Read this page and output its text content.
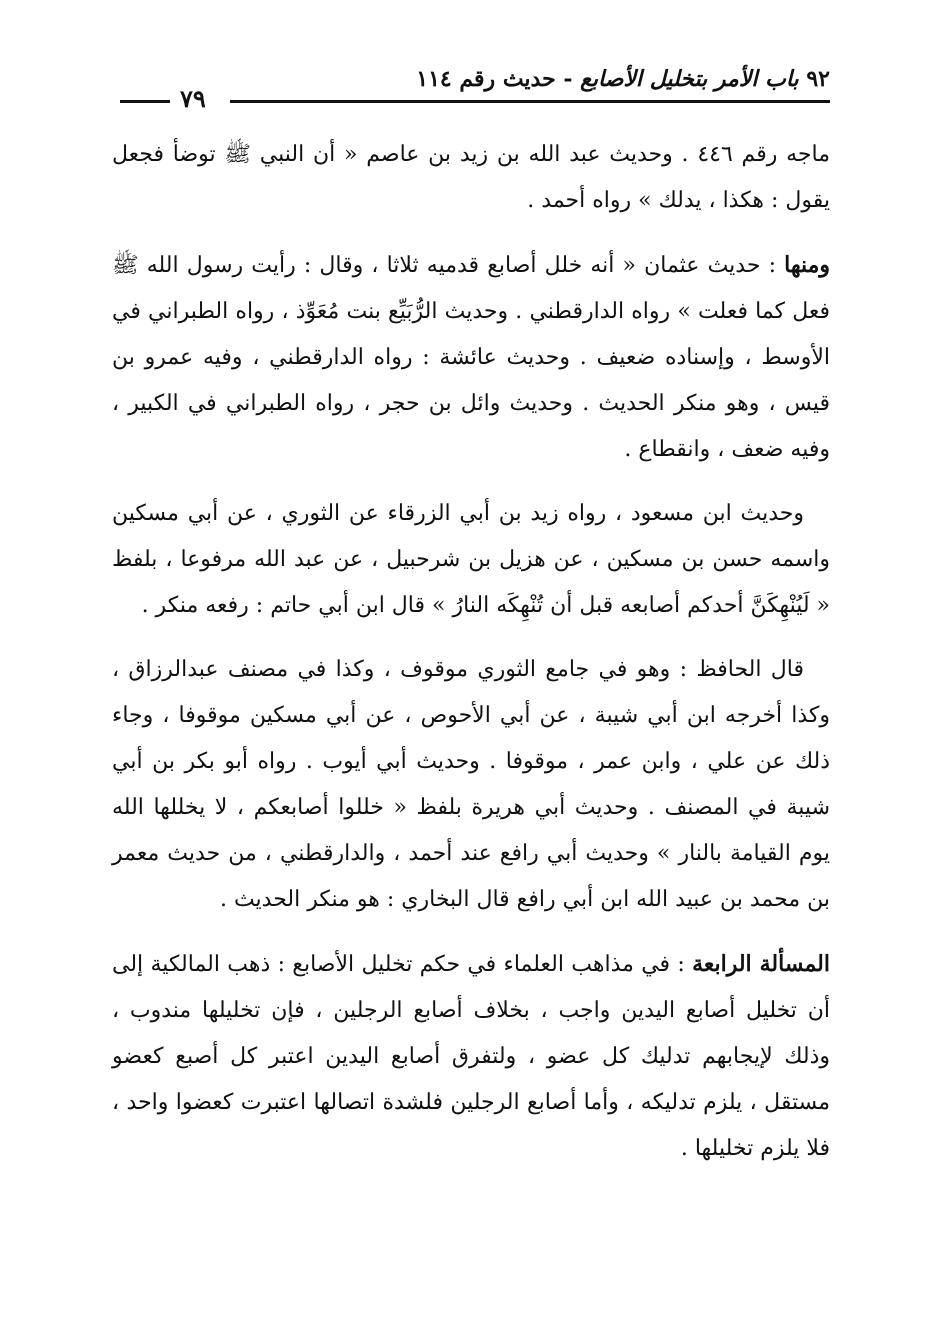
٩٢ باب الأمر بتخليل الأصابع - حديث رقم ١١٤
٧٩

ماجه رقم ٤٤٦ . وحديث عبد الله بن زيد بن عاصم « أن النبي ﷺ توضأ فجعل يقول : هكذا ، يدلك » رواه أحمد .

ومنها : حديث عثمان « أنه خلل أصابع قدميه ثلاثا ، وقال : رأيت رسول الله ﷺ فعل كما فعلت » رواه الدارقطني . وحديث الرُّبَيِّع بنت مُعَوِّذ ، رواه الطبراني في الأوسط ، وإسناده ضعيف . وحديث عائشة : رواه الدارقطني ، وفيه عمرو بن قيس ، وهو منكر الحديث . وحديث وائل بن حجر ، رواه الطبراني في الكبير ، وفيه ضعف ، وانقطاع .

وحديث ابن مسعود ، رواه زيد بن أبي الزرقاء عن الثوري ، عن أبي مسكين واسمه حسن بن مسكين ، عن هزيل بن شرحبيل ، عن عبد الله مرفوعا ، بلفظ « لَيُنْهِكَنَّ أحدكم أصابعه قبل أن تُنْهِكَه النارُ » قال ابن أبي حاتم : رفعه منكر .

قال الحافظ : وهو في جامع الثوري موقوف ، وكذا في مصنف عبدالرزاق ، وكذا أخرجه ابن أبي شيبة ، عن أبي الأحوص ، عن أبي مسكين موقوفا ، وجاء ذلك عن علي ، وابن عمر ، موقوفا . وحديث أبي أيوب . رواه أبو بكر بن أبي شيبة في المصنف . وحديث أبي هريرة بلفظ « خللوا أصابعكم ، لا يخللها الله يوم القيامة بالنار » وحديث أبي رافع عند أحمد ، والدارقطني ، من حديث معمر بن محمد بن عبيد الله ابن أبي رافع قال البخاري : هو منكر الحديث .

المسألة الرابعة : في مذاهب العلماء في حكم تخليل الأصابع : ذهب المالكية إلى أن تخليل أصابع اليدين واجب ، بخلاف أصابع الرجلين ، فإن تخليلها مندوب ، وذلك لإيجابهم تدليك كل عضو ، ولتفرق أصابع اليدين اعتبر كل أصبع كعضو مستقل ، يلزم تدليكه ، وأما أصابع الرجلين فلشدة اتصالها اعتبرت كعضوا واحد ، فلا يلزم تخليلها .
